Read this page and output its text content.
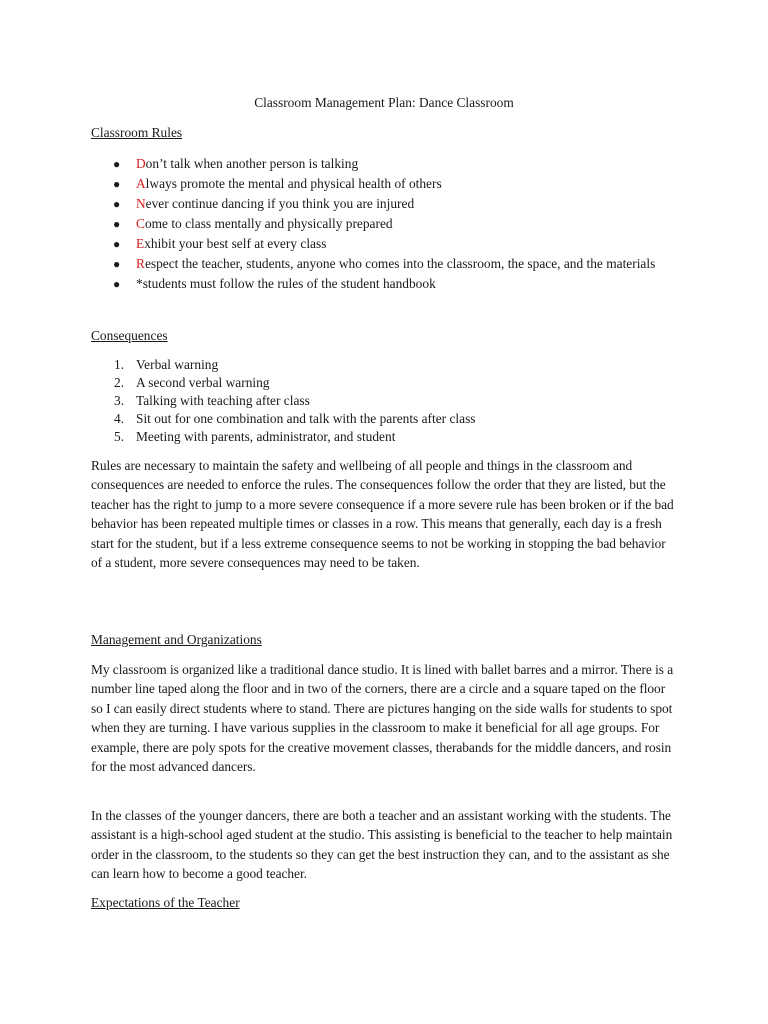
Classroom Management Plan: Dance Classroom
Classroom Rules
● Don’t talk when another person is talking
● Always promote the mental and physical health of others
● Never continue dancing if you think you are injured
● Come to class mentally and physically prepared
● Exhibit your best self at every class
● Respect the teacher, students, anyone who comes into the classroom, the space, and the materials
● *students must follow the rules of the student handbook
Consequences
1. Verbal warning
2. A second verbal warning
3. Talking with teaching after class
4. Sit out for one combination and talk with the parents after class
5. Meeting with parents, administrator, and student

Rules are necessary to maintain the safety and wellbeing of all people and things in the classroom and consequences are needed to enforce the rules. The consequences follow the order that they are listed, but the teacher has the right to jump to a more severe consequence if a more severe rule has been broken or if the bad behavior has been repeated multiple times or classes in a row. This means that generally, each day is a fresh start for the student, but if a less extreme consequence seems to not be working in stopping the bad behavior of a student, more severe consequences may need to be taken.

Management and Organizations

My classroom is organized like a traditional dance studio. It is lined with ballet barres and a mirror. There is a number line taped along the floor and in two of the corners, there are a circle and a square taped on the floor so I can easily direct students where to stand. There are pictures hanging on the side walls for students to spot when they are turning. I have various supplies in the classroom to make it beneficial for all age groups. For example, there are poly spots for the creative movement classes, therabands for the middle dancers, and rosin for the most advanced dancers.

In the classes of the younger dancers, there are both a teacher and an assistant working with the students. The assistant is a high-school aged student at the studio. This assisting is beneficial to the teacher to help maintain order in the classroom, to the students so they can get the best instruction they can, and to the assistant as she can learn how to become a good teacher.

Expectations of the Teacher
